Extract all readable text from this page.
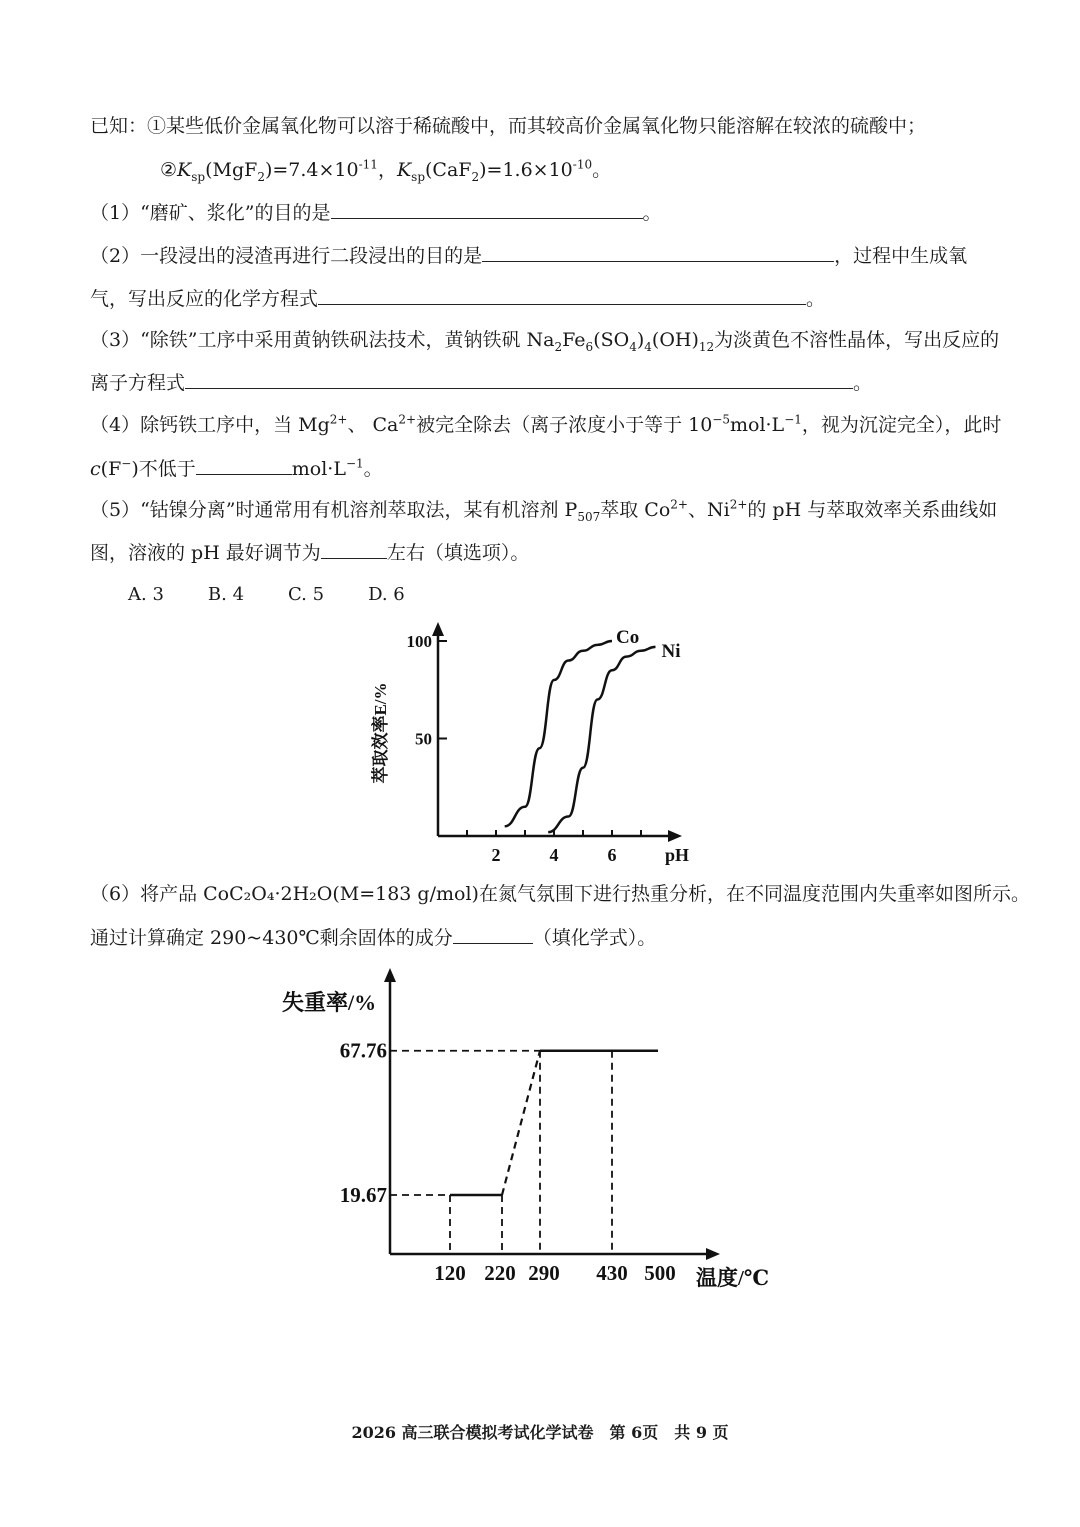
已知：①某些低价金属氧化物可以溶于稀硫酸中，而其较高价金属氧化物只能溶解在较浓的硫酸中；
$②K_{sp}(MgF_2)=7.4\times 10^{-11}$，$K_{sp}(CaF_2)=1.6\times 10^{-10}$。
（1）“磨矿、浆化”的目的是	。
（2）一段浸出的浸渣再进行二段浸出的目的是	，过程中生成氧
气，写出反应的化学方程式	。
（3）“除铁”工序中采用黄钠铁矾法技术，黄钠铁矾 $Na_2Fe_6(SO_4)_4(OH)_{12}$为淡黄色不溶性晶体，写出反应的
离子方程式	。
（4）除钙铁工序中，当 $Mg^{2+}$、 $Ca^{2+}$被完全除去（离子浓度小于等于 $10^{-5}mol\cdot L^{-1}$，视为沉淀完全），此时
c(F−)不低于	$mol\cdot L^{-1}$。
（5）“钴镍分离”时通常用有机溶剂萃取法，某有机溶剂 $P_{507}$萃取 $Co^{2+}$、$Ni^{2+}$的 pH 与萃取效率关系曲线如
图，溶液的 pH 最好调节为	左右（填选项）。
A. 3 B. 4 C. 5 D. 6
100
50
2	4	6
Co
Ni
萃取效率E/%
pH
（6）将产品 CoC₂O₄·2H₂O(M=183 g/mol)在氮气氛围下进行热重分析，在不同温度范围内失重率如图所示。
通过计算确定 290~430℃剩余固体的成分	（填化学式）。
67.76
19.67
120 220 290 430 500
失重率/%
温度/℃
2026 高三联合模拟考试化学试卷　第 6页　共 9 页
